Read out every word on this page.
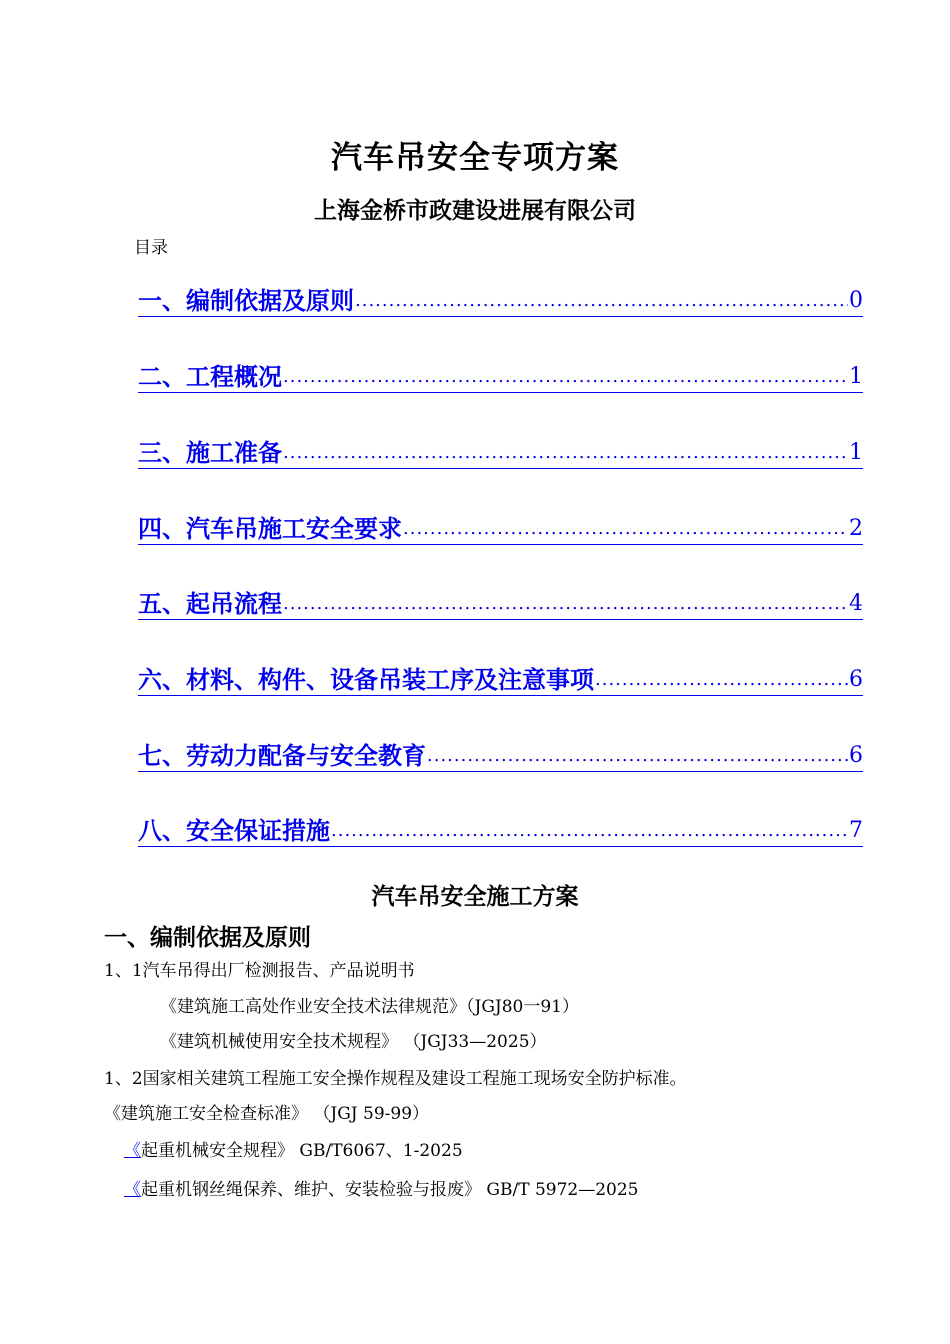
汽车吊安全专项方案
上海金桥市政建设进展有限公司
目录
一、编制依据及原则 .....	0
二、工程概况 .....	1
三、施工准备 .....	1
四、汽车吊施工安全要求 .....	2
五、起吊流程 .....	4
六、材料、构件、设备吊装工序及注意事项 .....	6
七、劳动力配备与安全教育 .....	6
八、安全保证措施 .....	7
汽车吊安全施工方案
一、编制依据及原则
1、1汽车吊得出厂检测报告、产品说明书
《建筑施工高处作业安全技术法律规范》（JGJ80一91）
《建筑机械使用安全技术规程》 （JGJ33—2025）
1、2国家相关建筑工程施工安全操作规程及建设工程施工现场安全防护标准。
《建筑施工安全检查标准》 （JGJ 59-99）
《起重机械安全规程》 GB/T6067、1-2025
《起重机钢丝绳保养、维护、安装检验与报废》 GB/T 5972—2025
